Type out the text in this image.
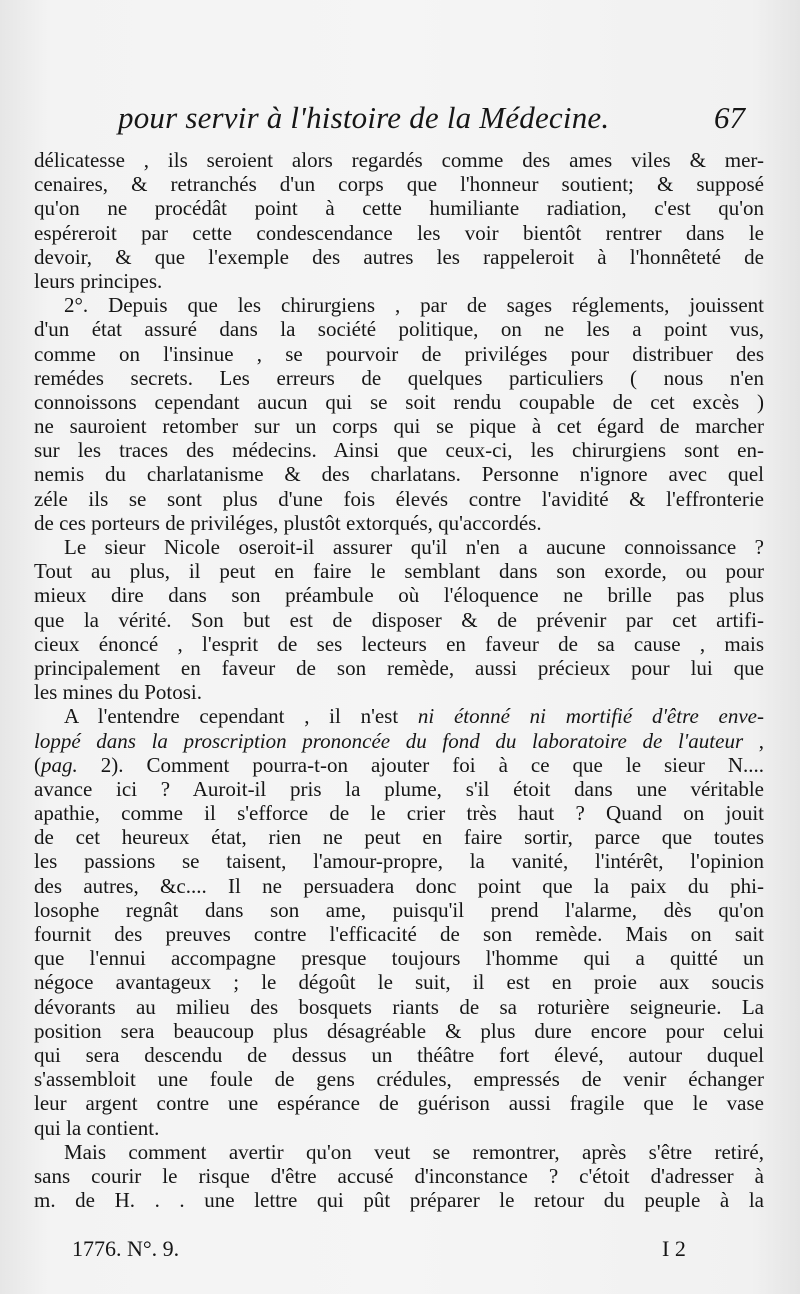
pour servir à l'histoire de la Médecine.	67
délicatesse , ils seroient alors regardés comme des ames viles & mer-
cenaires, & retranchés d'un corps que l'honneur soutient; & supposé
qu'on ne procédât point à cette humiliante radiation, c'est qu'on
espéreroit par cette condescendance les voir bientôt rentrer dans le
devoir, & que l'exemple des autres les rappeleroit à l'honnêteté de
leurs principes.
2°. Depuis que les chirurgiens , par de sages réglements, jouissent
d'un état assuré dans la société politique, on ne les a point vus,
comme on l'insinue , se pourvoir de priviléges pour distribuer des
remédes secrets. Les erreurs de quelques particuliers ( nous n'en
connoissons cependant aucun qui se soit rendu coupable de cet excès )
ne sauroient retomber sur un corps qui se pique à cet égard de marcher
sur les traces des médecins. Ainsi que ceux-ci, les chirurgiens sont en-
nemis du charlatanisme & des charlatans. Personne n'ignore avec quel
zéle ils se sont plus d'une fois élevés contre l'avidité & l'effronterie
de ces porteurs de priviléges, plustôt extorqués, qu'accordés.
Le sieur Nicole oseroit-il assurer qu'il n'en a aucune connoissance ?
Tout au plus, il peut en faire le semblant dans son exorde, ou pour
mieux dire dans son préambule où l'éloquence ne brille pas plus
que la vérité. Son but est de disposer & de prévenir par cet artifi-
cieux énoncé , l'esprit de ses lecteurs en faveur de sa cause , mais
principalement en faveur de son remède, aussi précieux pour lui que
les mines du Potosi.
A l'entendre cependant , il n'est ni étonné ni mortifié d'être enve-
loppé dans la proscription prononcée du fond du laboratoire de l'auteur ,
(pag. 2). Comment pourra-t-on ajouter foi à ce que le sieur N....
avance ici ? Auroit-il pris la plume, s'il étoit dans une véritable
apathie, comme il s'efforce de le crier très haut ? Quand on jouit
de cet heureux état, rien ne peut en faire sortir, parce que toutes
les passions se taisent, l'amour-propre, la vanité, l'intérêt, l'opinion
des autres, &c.... Il ne persuadera donc point que la paix du phi-
losophe regnât dans son ame, puisqu'il prend l'alarme, dès qu'on
fournit des preuves contre l'efficacité de son remède. Mais on sait
que l'ennui accompagne presque toujours l'homme qui a quitté un
négoce avantageux ; le dégoût le suit, il est en proie aux soucis
dévorants au milieu des bosquets riants de sa roturière seigneurie. La
position sera beaucoup plus désagréable & plus dure encore pour celui
qui sera descendu de dessus un théâtre fort élevé, autour duquel
s'assembloit une foule de gens crédules, empressés de venir échanger
leur argent contre une espérance de guérison aussi fragile que le vase
qui la contient.
Mais comment avertir qu'on veut se remontrer, après s'être retiré,
sans courir le risque d'être accusé d'inconstance ? c'étoit d'adresser à
m. de H. . . une lettre qui pût préparer le retour du peuple à la
1776. N°. 9.	I 2
